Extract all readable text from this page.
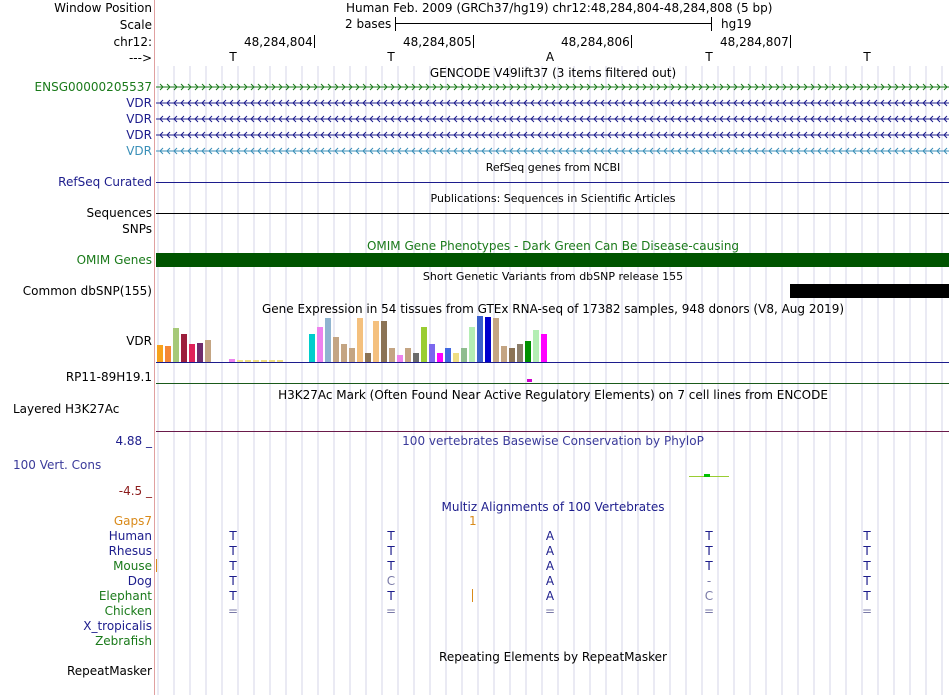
Window Position	Human Feb. 2009 (GRCh37/hg19) chr12:48,284,804-48,284,808 (5 bp)
Scale	2 bases	hg19
chr12:	48,284,804	48,284,805	48,284,806	48,284,807
--->	T	T	A	T	T
GENCODE V49lift37 (3 items filtered out)
ENSG00000205537
VDR
VDR
VDR
VDR
RefSeq genes from NCBI
RefSeq Curated
Publications: Sequences in Scientific Articles
Sequences
SNPs
OMIM Gene Phenotypes - Dark Green Can Be Disease-causing
OMIM Genes
Short Genetic Variants from dbSNP release 155
Common dbSNP(155)
Gene Expression in 54 tissues from GTEx RNA-seq of 17382 samples, 948 donors (V8, Aug 2019)
VDR
RP11-89H19.1
H3K27Ac Mark (Often Found Near Active Regulatory Elements) on 7 cell lines from ENCODE
Layered H3K27Ac
4.88 _	100 vertebrates Basewise Conservation by PhyloP
100 Vert. Cons
-4.5 _
Multiz Alignments of 100 Vertebrates
Gaps7	1
Human	T	T	A	T	T
Rhesus	T	T	A	T	T
Mouse	T	T	A	T	T
Dog	T	C	A	-	T
Elephant	T	T	A	C	T
Chicken	=	=	=	=	=
X_tropicalis
Zebrafish
Repeating Elements by RepeatMasker
RepeatMasker
